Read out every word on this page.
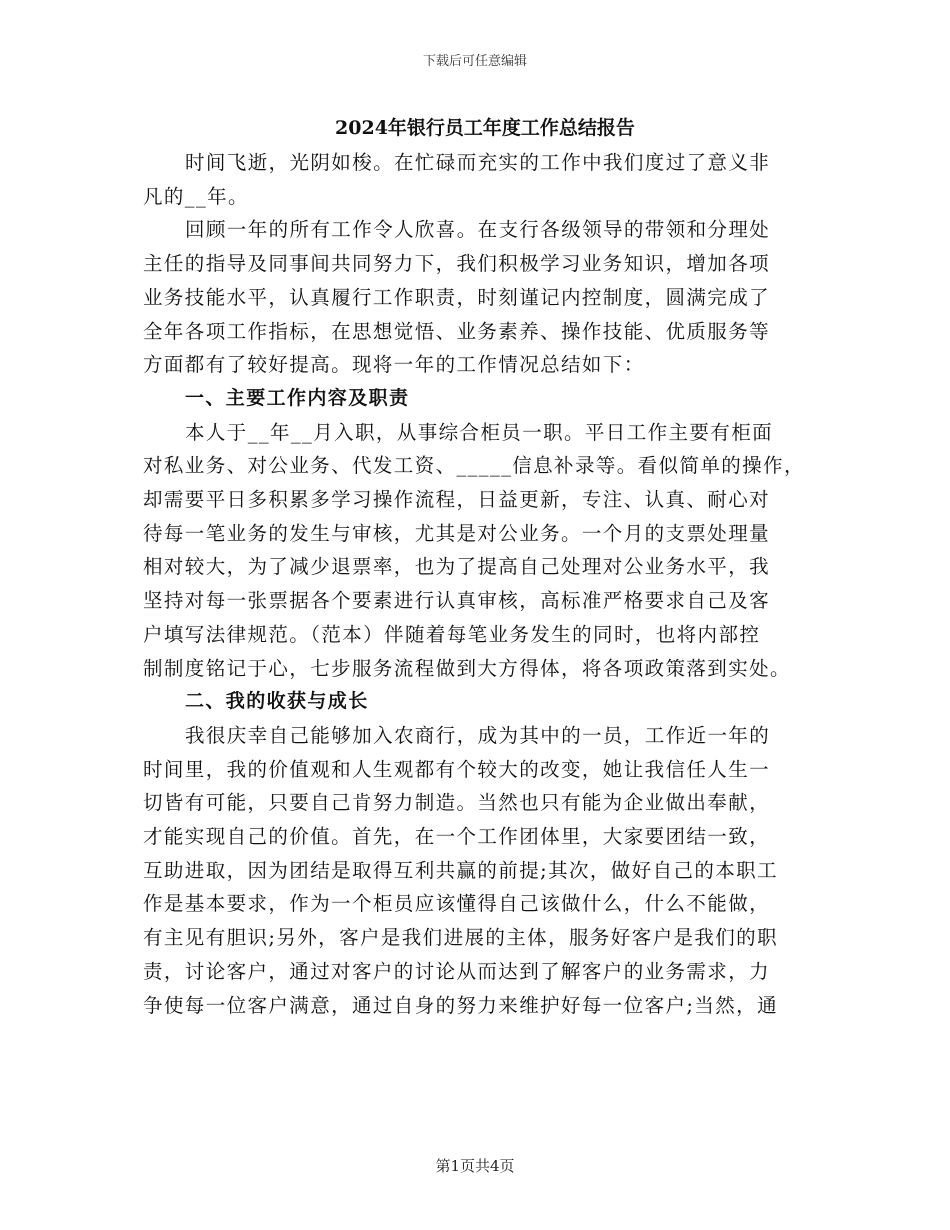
下载后可任意编辑
2024年银行员工年度工作总结报告
时间飞逝，光阴如梭。在忙碌而充实的工作中我们度过了意义非
凡的__年。
回顾一年的所有工作令人欣喜。在支行各级领导的带领和分理处
主任的指导及同事间共同努力下，我们积极学习业务知识，增加各项
业务技能水平，认真履行工作职责，时刻谨记内控制度，圆满完成了
全年各项工作指标，在思想觉悟、业务素养、操作技能、优质服务等
方面都有了较好提高。现将一年的工作情况总结如下：
一、主要工作内容及职责
本人于__年__月入职，从事综合柜员一职。平日工作主要有柜面
对私业务、对公业务、代发工资、_____信息补录等。看似简单的操作，
却需要平日多积累多学习操作流程，日益更新，专注、认真、耐心对
待每一笔业务的发生与审核，尤其是对公业务。一个月的支票处理量
相对较大，为了减少退票率，也为了提高自己处理对公业务水平，我
坚持对每一张票据各个要素进行认真审核，高标准严格要求自己及客
户填写法律规范。（范本）伴随着每笔业务发生的同时，也将内部控
制制度铭记于心，七步服务流程做到大方得体，将各项政策落到实处。
二、我的收获与成长
我很庆幸自己能够加入农商行，成为其中的一员，工作近一年的
时间里，我的价值观和人生观都有个较大的改变，她让我信任人生一
切皆有可能，只要自己肯努力制造。当然也只有能为企业做出奉献，
才能实现自己的价值。首先，在一个工作团体里，大家要团结一致，
互助进取，因为团结是取得互利共赢的前提;其次，做好自己的本职工
作是基本要求，作为一个柜员应该懂得自己该做什么，什么不能做，
有主见有胆识;另外，客户是我们进展的主体，服务好客户是我们的职
责，讨论客户，通过对客户的讨论从而达到了解客户的业务需求，力
争使每一位客户满意，通过自身的努力来维护好每一位客户;当然，通
第1页共4页
